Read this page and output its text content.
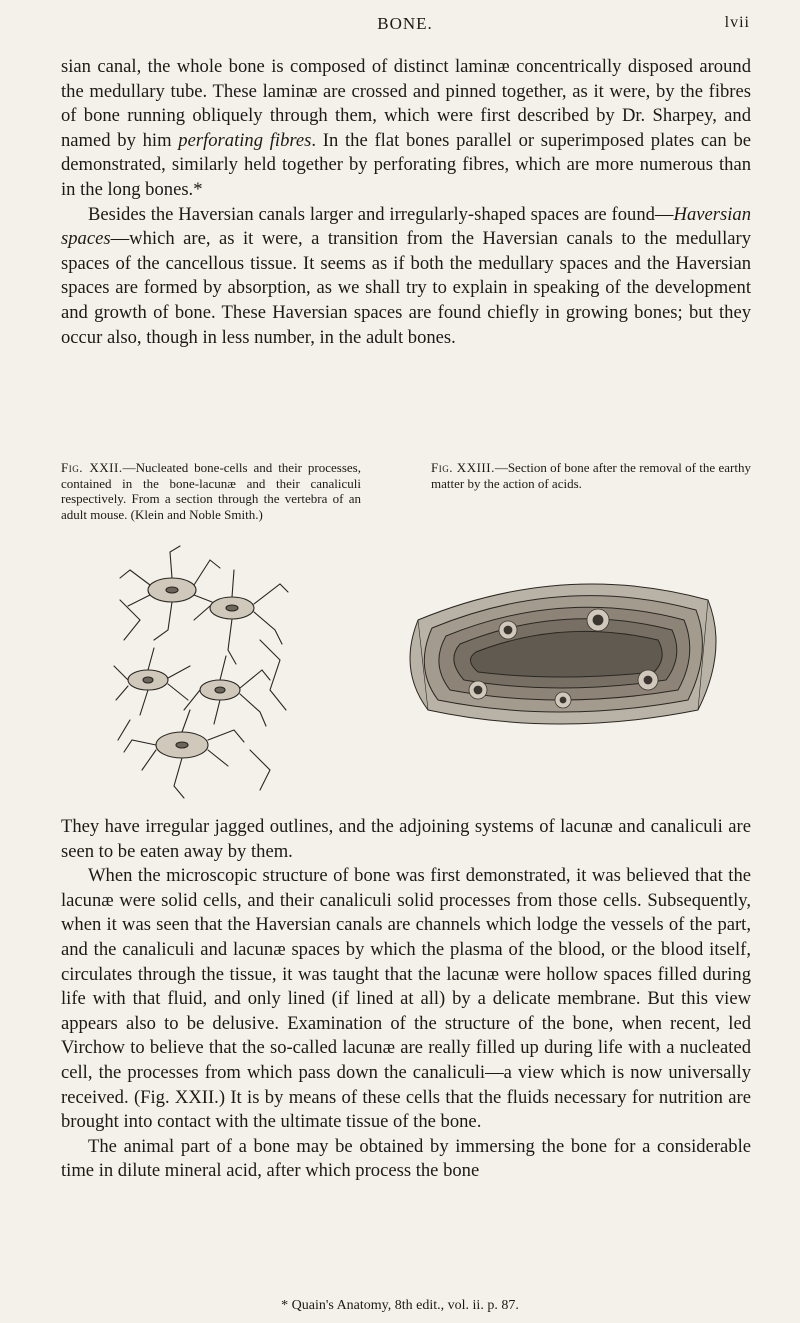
BONE.	lvii

sian canal, the whole bone is composed of distinct laminæ concentrically disposed around the medullary tube. These laminæ are crossed and pinned together, as it were, by the fibres of bone running obliquely through them, which were first described by Dr. Sharpey, and named by him perforating fibres. In the flat bones parallel or superimposed plates can be demonstrated, similarly held together by perforating fibres, which are more numerous than in the long bones.*

Besides the Haversian canals larger and irregularly-shaped spaces are found—Haversian spaces—which are, as it were, a transition from the Haversian canals to the medullary spaces of the cancellous tissue. It seems as if both the medullary spaces and the Haversian spaces are formed by absorption, as we shall try to explain in speaking of the development and growth of bone. These Haversian spaces are found chiefly in growing bones; but they occur also, though in less number, in the adult bones.

Fig. XXII.—Nucleated bone-cells and their processes, contained in the bone-lacunæ and their canaliculi respectively. From a section through the vertebra of an adult mouse. (Klein and Noble Smith.)
Fig. XXIII.—Section of bone after the removal of the earthy matter by the action of acids.

They have irregular jagged outlines, and the adjoining systems of lacunæ and canaliculi are seen to be eaten away by them.

When the microscopic structure of bone was first demonstrated, it was believed that the lacunæ were solid cells, and their canaliculi solid processes from those cells. Subsequently, when it was seen that the Haversian canals are channels which lodge the vessels of the part, and the canaliculi and lacunæ spaces by which the plasma of the blood, or the blood itself, circulates through the tissue, it was taught that the lacunæ were hollow spaces filled during life with that fluid, and only lined (if lined at all) by a delicate membrane. But this view appears also to be delusive. Examination of the structure of the bone, when recent, led Virchow to believe that the so-called lacunæ are really filled up during life with a nucleated cell, the processes from which pass down the canaliculi—a view which is now universally received. (Fig. XXII.) It is by means of these cells that the fluids necessary for nutrition are brought into contact with the ultimate tissue of the bone.

The animal part of a bone may be obtained by immersing the bone for a considerable time in dilute mineral acid, after which process the bone

* Quain's Anatomy, 8th edit., vol. ii. p. 87.
